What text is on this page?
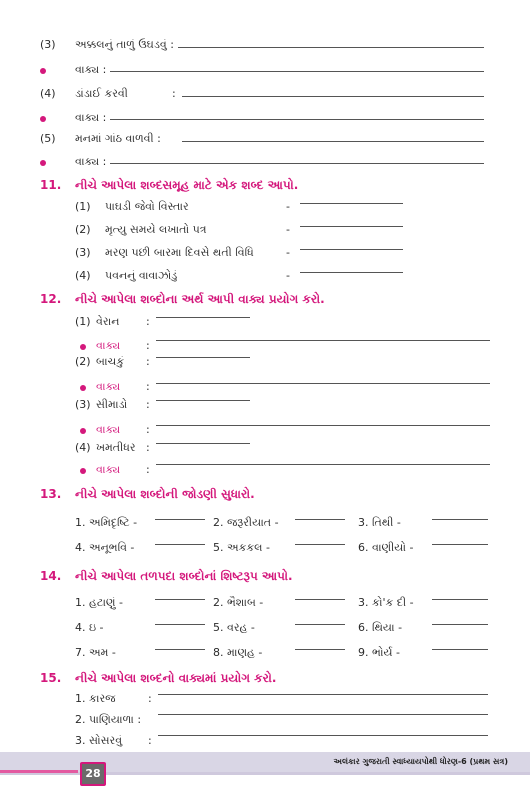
(3) અક્કલનું તાળું ઉઘડવું :
વાક્ય :
(4) ડાંડાઈ કરવી	:
વાક્ય :
(5) મનમાં ગાંઠ વાળવી :
વાક્ય :
11. નીચે આપેલા શબ્દસમૂહ માટે એક શબ્દ આપો.
(1) પાઘડી જેવો વિસ્તાર	-
(2) મૃત્યુ સમયે લખાતો પત્ર	-
(3) મરણ પછી બારમા દિવસે થતી વિધિ	-
(4) પવનનું વાવાઝોડું	-
12. નીચે આપેલા શબ્દોના અર્થ આપી વાક્ય પ્રયોગ કરો.
(1) વેરાન :
વાક્ય :
(2) બાચકું :
વાક્ય :
(3) સીમાડો :
વાક્ય :
(4) ખમતીધર :
વાક્ય :
13. નીચે આપેલા શબ્દોની જોડણી સુધારો.
1. અમિદૃષ્ટિ -	2. જરૂરીયાત -	3. તિથી -
4. અનૂભવિ -	5. અકકલ -	6. વાણીયો -
14. નીચે આપેલા તળપદા શબ્દોનાં શિષ્ટરૂપ આપો.
1. હટાણું -	2. ભૈશાબ -	3. કો'ક દી -
4. ઇ -	5. વરહ -	6. થિયા -
7. અમ -	8. માણહ -	9. ભોર્ય -
15. નીચે આપેલા શબ્દનો વાક્યમાં પ્રયોગ કરો.
1. કારજ	:
2. પાણિયાળા :
3. સોસરવું :
28
અલંકાર ગુજરાતી સ્વાધ્યાયપોથી ધોરણ-6 (પ્રથમ સત્ર)
